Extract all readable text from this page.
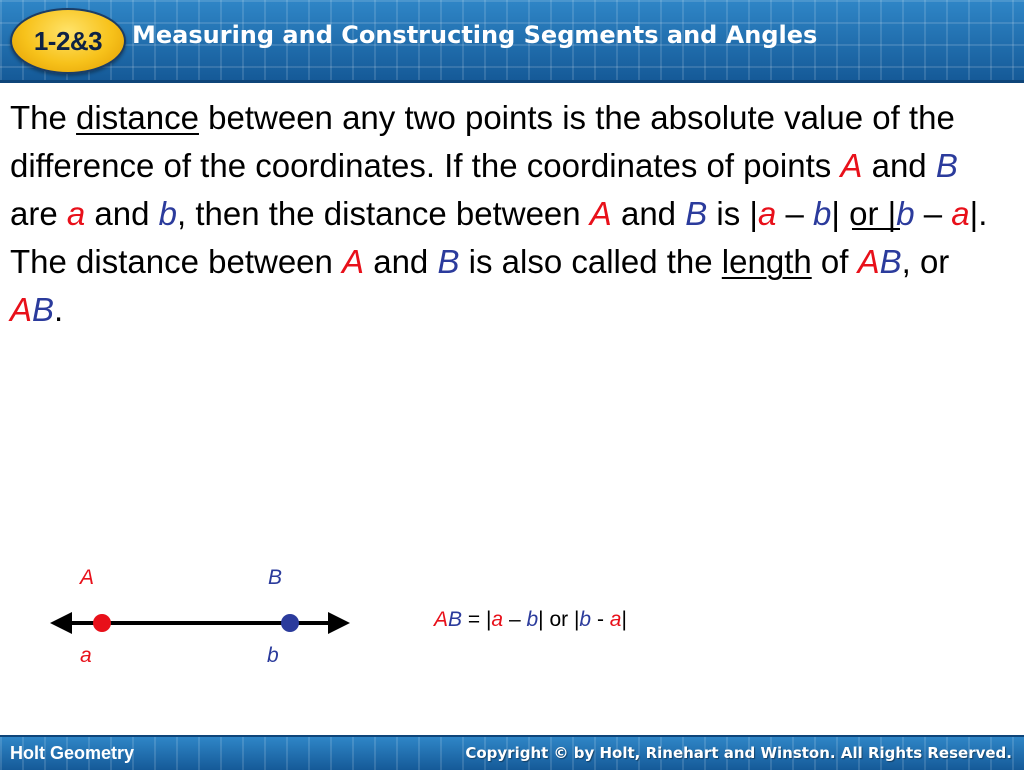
1-2&3 Measuring and Constructing Segments and Angles

The distance between any two points is the absolute value of the difference of the coordinates. If the coordinates of points A and B are a and b, then the distance between A and B is |a – b| or |b – a|.

The distance between A and B is also called the length of AB, or AB.

A	B
a	b
AB = |a – b| or |b - a|
Holt Geometry	Copyright © by Holt, Rinehart and Winston. All Rights Reserved.
